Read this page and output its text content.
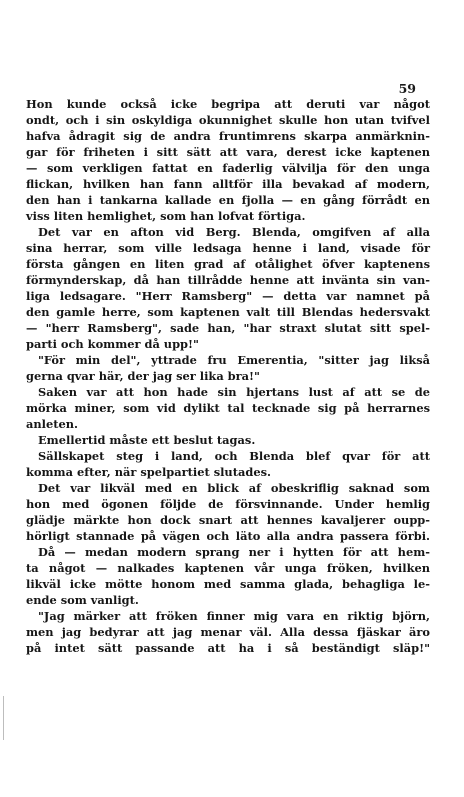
59
Hon kunde också icke begripa att deruti var något
ondt, och i sin oskyldiga okunnighet skulle hon utan tvifvel
hafva ådragit sig de andra fruntimrens skarpa anmärknin-
gar för friheten i sitt sätt att vara, derest icke kaptenen
— som verkligen fattat en faderlig välvilja för den unga
flickan, hvilken han fann alltför illa bevakad af modern,
den han i tankarna kallade en fjolla — en gång förrådt en
viss liten hemlighet, som han lofvat förtiga.
Det var en afton vid Berg. Blenda, omgifven af alla
sina herrar, som ville ledsaga henne i land, visade för
första gången en liten grad af otålighet öfver kaptenens
förmynderskap, då han tillrådde henne att invänta sin van-
liga ledsagare. "Herr Ramsberg" — detta var namnet på
den gamle herre, som kaptenen valt till Blendas hedersvakt
— "herr Ramsberg", sade han, "har straxt slutat sitt spel-
parti och kommer då upp!"
"För min del", yttrade fru Emerentia, "sitter jag likså
gerna qvar här, der jag ser lika bra!"
Saken var att hon hade sin hjertans lust af att se de
mörka miner, som vid dylikt tal tecknade sig på herrarnes
anleten.
Emellertid måste ett beslut tagas.
Sällskapet steg i land, och Blenda blef qvar för att
komma efter, när spelpartiet slutades.
Det var likväl med en blick af obeskriflig saknad som
hon med ögonen följde de försvinnande. Under hemlig
glädje märkte hon dock snart att hennes kavaljerer oupp-
hörligt stannade på vägen och läto alla andra passera förbi.
Då — medan modern sprang ner i hytten för att hem-
ta något — nalkades kaptenen vår unga fröken, hvilken
likväl icke mötte honom med samma glada, behagliga le-
ende som vanligt.
"Jag märker att fröken finner mig vara en riktig björn,
men jag bedyrar att jag menar väl. Alla dessa fjäskar äro
på intet sätt passande att ha i så beständigt släp!"
